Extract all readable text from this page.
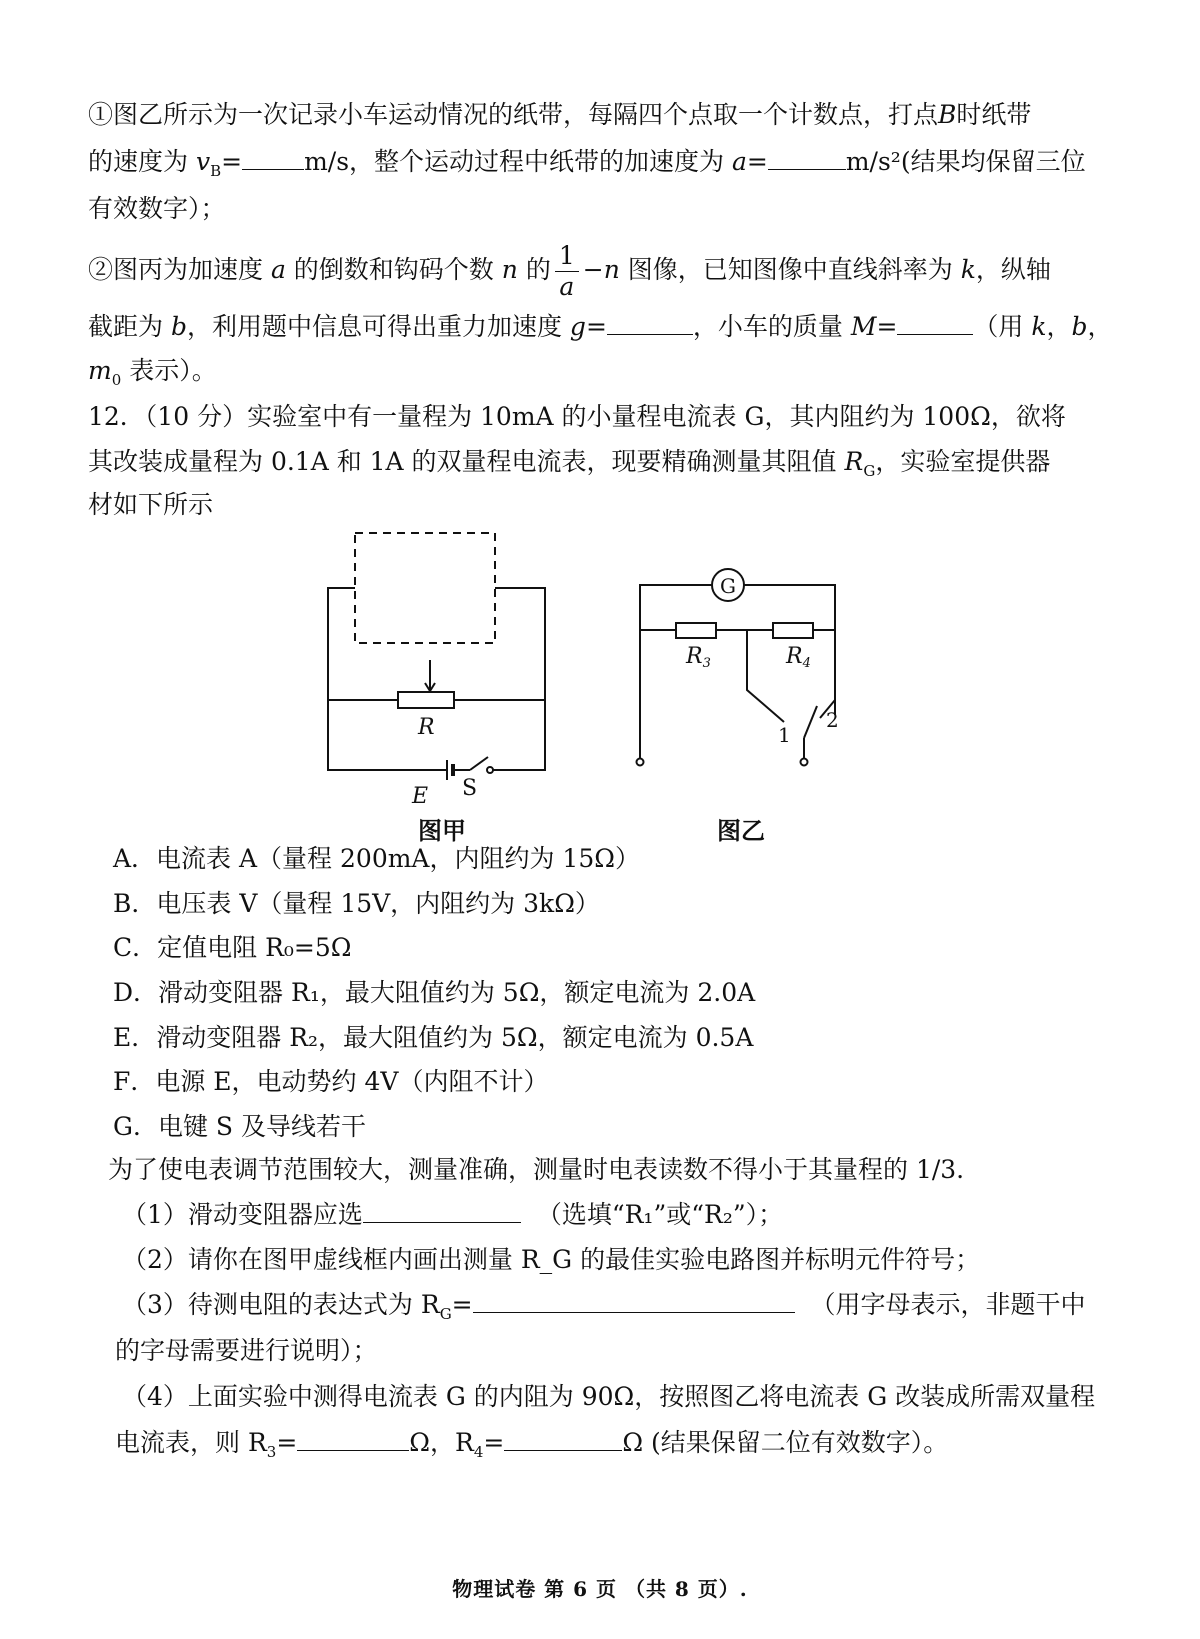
①图乙所示为一次记录小车运动情况的纸带，每隔四个点取一个计数点，打点B时纸带
的速度为 $v_B= m/s$，整个运动过程中纸带的加速度为 a=	m/s²(结果均保留三位
有效数字）；
②图丙为加速度 a 的倒数和钩码个数 n 的 $\frac{1}{a} -n$ 图像，已知图像中直线斜率为 k，纵轴
截距为 b，利用题中信息可得出重力加速度 g=	，小车的质量 M=	（用 k，b，
$m_0$ 表示）。
12．（10 分）实验室中有一量程为 10mA 的小量程电流表 G，其内阻约为 100Ω，欲将
其改装成量程为 0.1A 和 1A 的双量程电流表，现要精确测量其阻值 $R_G$，实验室提供器
材如下所示
R
E S
G
R3	R4
1
2
图甲	图乙
A．电流表 A（量程 200mA，内阻约为 15Ω）
B．电压表 V（量程 15V，内阻约为 3kΩ）
C．定值电阻 R₀=5Ω
D．滑动变阻器 R₁，最大阻值约为 5Ω，额定电流为 2.0A
E．滑动变阻器 R₂，最大阻值约为 5Ω，额定电流为 0.5A
F．电源 E，电动势约 4V（内阻不计）
G．电键 S 及导线若干
为了使电表调节范围较大，测量准确，测量时电表读数不得小于其量程的 1/3.
（1）滑动变阻器应选	（选填“R₁”或“R₂”）；
（2）请你在图甲虚线框内画出测量 R_G 的最佳实验电路图并标明元件符号；
（3）待测电阻的表达式为 $R_G=$	（用字母表示，非题干中
的字母需要进行说明）；
（4）上面实验中测得电流表 G 的内阻为 90Ω，按照图乙将电流表 G 改装成所需双量程
电流表，则 $R_3=$	Ω，$R_4=$	Ω (结果保留二位有效数字）。
物理试卷 第 6 页 （共 8 页）.
